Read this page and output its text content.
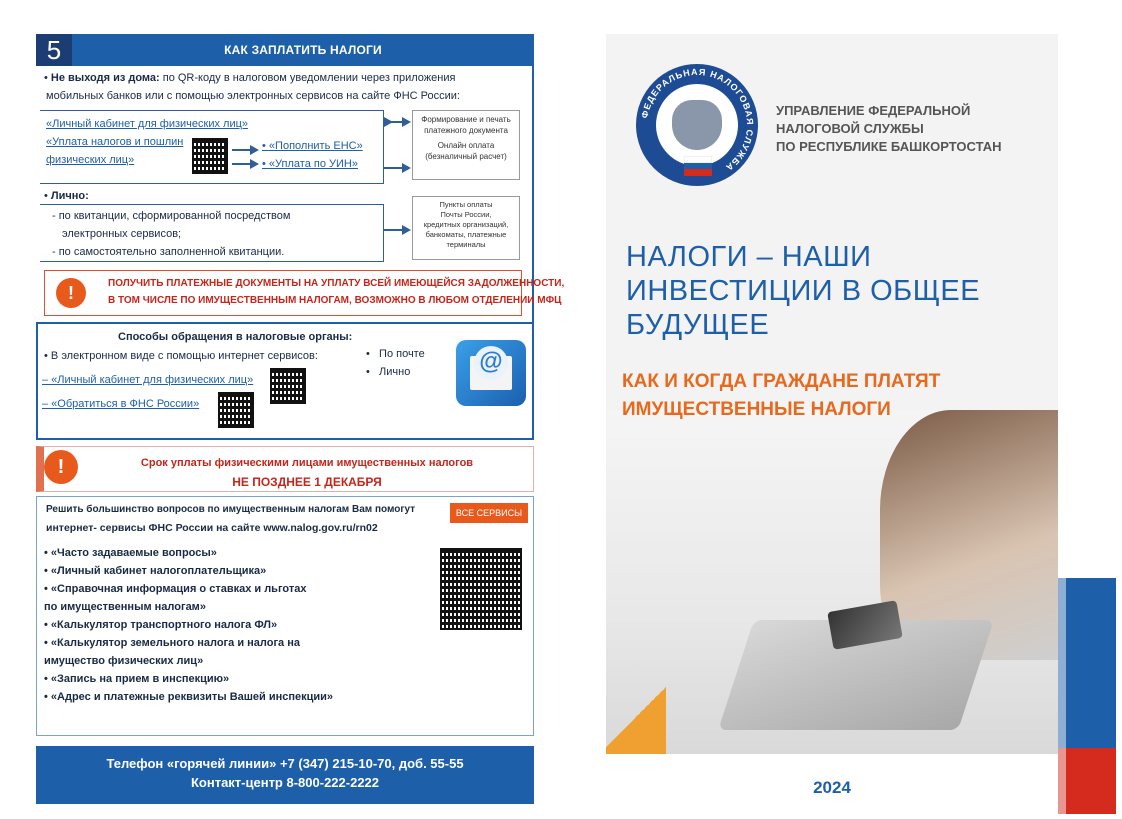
5	КАК ЗАПЛАТИТЬ НАЛОГИ
• Не выходя из дома: по QR-коду в налоговом уведомлении через приложения
мобильных банков или с помощью электронных сервисов на сайте ФНС России:
«Личный кабинет для физических лиц»
«Уплата налогов и пошлин
физических лиц»
• «Пополнить ЕНС»
• «Уплата по УИН»
Формирование и печать
платежного документа
Онлайн оплата
(безналичный расчет)
• Лично:
- по квитанции, сформированной посредством
электронных сервисов;
- по самостоятельно заполненной квитанции.
Пункты оплаты
Почты России,
кредитных организаций,
банкоматы, платежные
терминалы
!	ПОЛУЧИТЬ ПЛАТЕЖНЫЕ ДОКУМЕНТЫ НА УПЛАТУ ВСЕЙ ИМЕЮЩЕЙСЯ ЗАДОЛЖЕННОСТИ,
В ТОМ ЧИСЛЕ ПО ИМУЩЕСТВЕННЫМ НАЛОГАМ, ВОЗМОЖНО В ЛЮБОМ ОТДЕЛЕНИИ МФЦ
Способы обращения в налоговые органы:
• В электронном виде с помощью интернет сервисов:
– «Личный кабинет для физических лиц»
– «Обратиться в ФНС России»
•   По почте
•   Лично	@
!	Срок уплаты физическими лицами имущественных налогов
НЕ ПОЗДНЕЕ 1 ДЕКАБРЯ
Решить большинство вопросов по имущественным налогам Вам помогут
интернет- сервисы ФНС России на сайте www.nalog.gov.ru/rn02
ВСЕ СЕРВИСЫ
• «Часто задаваемые вопросы»
• «Личный кабинет налогоплательщика»
• «Справочная информация о ставках и льготах
по имущественным налогам»
• «Калькулятор транспортного налога ФЛ»
• «Калькулятор земельного налога и налога на
имущество физических лиц»
• «Запись на прием в инспекцию»
• «Адрес и платежные реквизиты Вашей инспекции»
Телефон «горячей линии» +7 (347) 215-10-70, доб. 55-55
Контакт-центр 8-800-222-2222
ФЕДЕРАЛЬНАЯ НАЛОГОВАЯ СЛУЖБА
УПРАВЛЕНИЕ ФЕДЕРАЛЬНОЙ
НАЛОГОВОЙ СЛУЖБЫ
ПО РЕСПУБЛИКЕ БАШКОРТОСТАН
НАЛОГИ – НАШИ
ИНВЕСТИЦИИ В ОБЩЕЕ
БУДУЩЕЕ
КАК И КОГДА ГРАЖДАНЕ ПЛАТЯТ
ИМУЩЕСТВЕННЫЕ НАЛОГИ
2024
